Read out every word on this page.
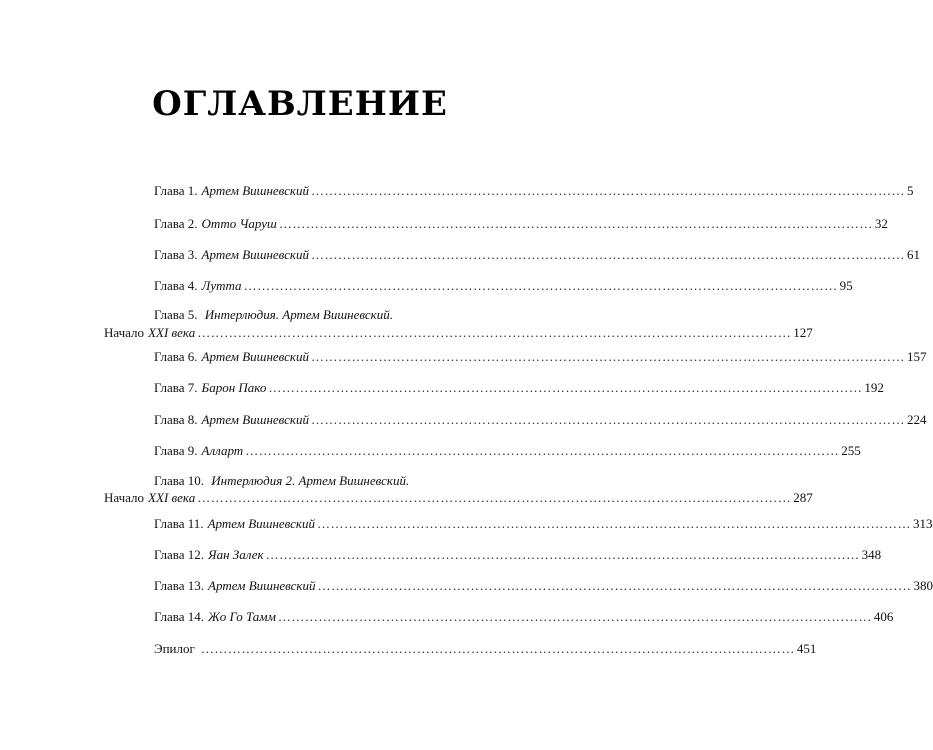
ОГЛАВЛЕНИЕ
Глава 1. Артем Вишневский …………………………………………………………………………………………………………………… 5
Глава 2. Отто Чаруш …………………………………………………………………………………………………………………… 32
Глава 3. Артем Вишневский …………………………………………………………………………………………………………………… 61
Глава 4. Лутта …………………………………………………………………………………………………………………… 95
Глава 5. Интерлюдия. Артем Вишневский.
Начало XXI века …………………………………………………………………………………………………………………… 127
Глава 6. Артем Вишневский …………………………………………………………………………………………………………………… 157
Глава 7. Барон Пако …………………………………………………………………………………………………………………… 192
Глава 8. Артем Вишневский …………………………………………………………………………………………………………………… 224
Глава 9. Алларт …………………………………………………………………………………………………………………… 255
Глава 10. Интерлюдия 2. Артем Вишневский.
Начало XXI века …………………………………………………………………………………………………………………… 287
Глава 11. Артем Вишневский …………………………………………………………………………………………………………………… 313
Глава 12. Яан Залек …………………………………………………………………………………………………………………… 348
Глава 13. Артем Вишневский …………………………………………………………………………………………………………………… 380
Глава 14. Жо Го Тамм …………………………………………………………………………………………………………………… 406
Эпилог …………………………………………………………………………………………………………………… 451
